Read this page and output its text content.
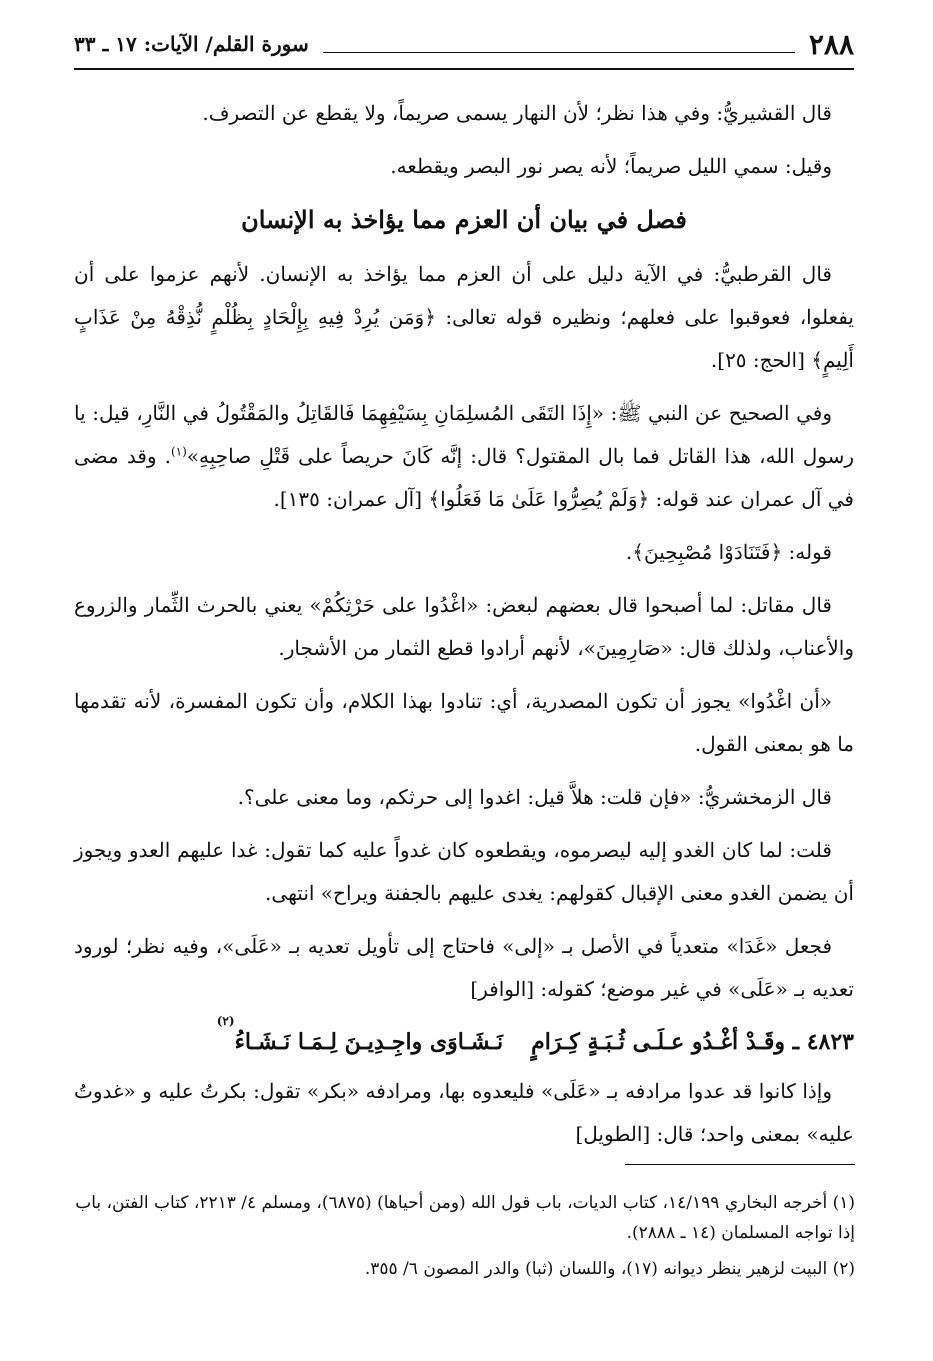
٢٨٨
سورة القلم/ الآيات: ١٧ ـ ٣٣

قال القشيريُّ: وفي هذا نظر؛ لأن النهار يسمى صريماً، ولا يقطع عن التصرف.

وقيل: سمي الليل صريماً؛ لأنه يصر نور البصر ويقطعه.

فصل في بيان أن العزم مما يؤاخذ به الإنسان

قال القرطبيُّ: في الآية دليل على أن العزم مما يؤاخذ به الإنسان. لأنهم عزموا على أن يفعلوا، فعوقبوا على فعلهم؛ ونظيره قوله تعالى: ﴿وَمَن يُرِدْ فِيهِ بِإِلْحَادٍ بِظُلْمٍ نُّذِقْهُ مِنْ عَذَابٍ أَلِيمٍ﴾ [الحج: ٢٥].

وفي الصحيح عن النبي ﷺ: «إِذَا التَقَى المُسلِمَانِ بِسَيْفِهِمَا فَالقَاتِلُ والمَقْتُولُ في النَّارِ، قيل: يا رسول الله، هذا القاتل فما بال المقتول؟ قال: إنَّه كَانَ حريصاً على قَتْلِ صاحِبِهِ»$^{(١)}$. وقد مضى في آل عمران عند قوله: ﴿وَلَمْ يُصِرُّوا عَلَىٰ مَا فَعَلُوا﴾ [آل عمران: ١٣٥].

قوله: ﴿فَتَنَادَوْا مُصْبِحِينَ﴾.

قال مقاتل: لما أصبحوا قال بعضهم لبعض: «اغْدُوا على حَرْثِكُمْ» يعني بالحرث الثِّمار والزروع والأعناب، ولذلك قال: «صَارِمِينَ»، لأنهم أرادوا قطع الثمار من الأشجار.

«أن اغْدُوا» يجوز أن تكون المصدرية، أي: تنادوا بهذا الكلام، وأن تكون المفسرة، لأنه تقدمها ما هو بمعنى القول.

قال الزمخشريُّ: «فإن قلت: هلاَّ قيل: اغدوا إلى حرثكم، وما معنى على؟.

قلت: لما كان الغدو إليه ليصرموه، ويقطعوه كان غدواً عليه كما تقول: غدا عليهم العدو ويجوز أن يضمن الغدو معنى الإقبال كقولهم: يغدى عليهم بالجفنة ويراح» انتهى.

فجعل «غَدَا» متعدياً في الأصل بـ «إلى» فاحتاج إلى تأويل تعديه بـ «عَلَى»، وفيه نظر؛ لورود تعديه بـ «عَلَى» في غير موضع؛ كقوله: [الوافر]

٤٨٢٣ ـ وقَـدْ أغْـدُو عـلَـى ثُـبَـةٍ كِـرَامٍ
نَـشَـاوَى واجِـدِيـنَ لِـمَـا نَـشَـاءُ
(٢)

وإذا كانوا قد عدوا مرادفه بـ «عَلَى» فليعدوه بها، ومرادفه «بكر» تقول: بكرتُ عليه و «غدوتُ عليه» بمعنى واحد؛ قال: [الطويل]

(١) أخرجه البخاري ١٤/١٩٩، كتاب الديات، باب قول الله (ومن أحياها) (٦٨٧٥)، ومسلم ٤/ ٢٢١٣، كتاب الفتن، باب إذا تواجه المسلمان (١٤ ـ ٢٨٨٨).

(٢) البيت لزهير ينظر ديوانه (١٧)، واللسان (ثبا) والدر المصون ٦/ ٣٥٥.
